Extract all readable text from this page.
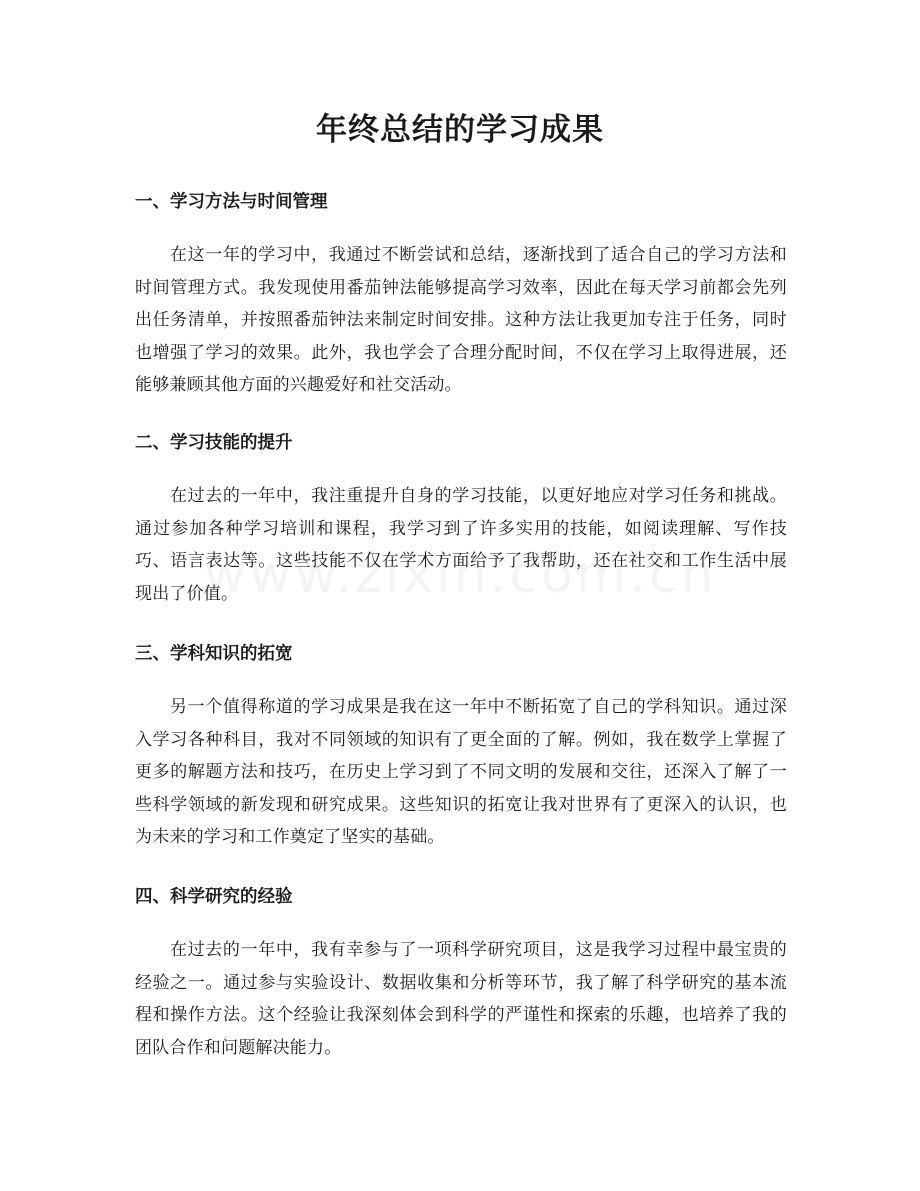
年终总结的学习成果
一、学习方法与时间管理

在这一年的学习中，我通过不断尝试和总结，逐渐找到了适合自己的学习方法和时间管理方式。我发现使用番茄钟法能够提高学习效率，因此在每天学习前都会先列出任务清单，并按照番茄钟法来制定时间安排。这种方法让我更加专注于任务，同时也增强了学习的效果。此外，我也学会了合理分配时间，不仅在学习上取得进展，还能够兼顾其他方面的兴趣爱好和社交活动。

二、学习技能的提升

在过去的一年中，我注重提升自身的学习技能，以更好地应对学习任务和挑战。通过参加各种学习培训和课程，我学习到了许多实用的技能，如阅读理解、写作技巧、语言表达等。这些技能不仅在学术方面给予了我帮助，还在社交和工作生活中展现出了价值。

三、学科知识的拓宽

另一个值得称道的学习成果是我在这一年中不断拓宽了自己的学科知识。通过深入学习各种科目，我对不同领域的知识有了更全面的了解。例如，我在数学上掌握了更多的解题方法和技巧，在历史上学习到了不同文明的发展和交往，还深入了解了一些科学领域的新发现和研究成果。这些知识的拓宽让我对世界有了更深入的认识，也为未来的学习和工作奠定了坚实的基础。

四、科学研究的经验

在过去的一年中，我有幸参与了一项科学研究项目，这是我学习过程中最宝贵的经验之一。通过参与实验设计、数据收集和分析等环节，我了解了科学研究的基本流程和操作方法。这个经验让我深刻体会到科学的严谨性和探索的乐趣，也培养了我的团队合作和问题解决能力。
